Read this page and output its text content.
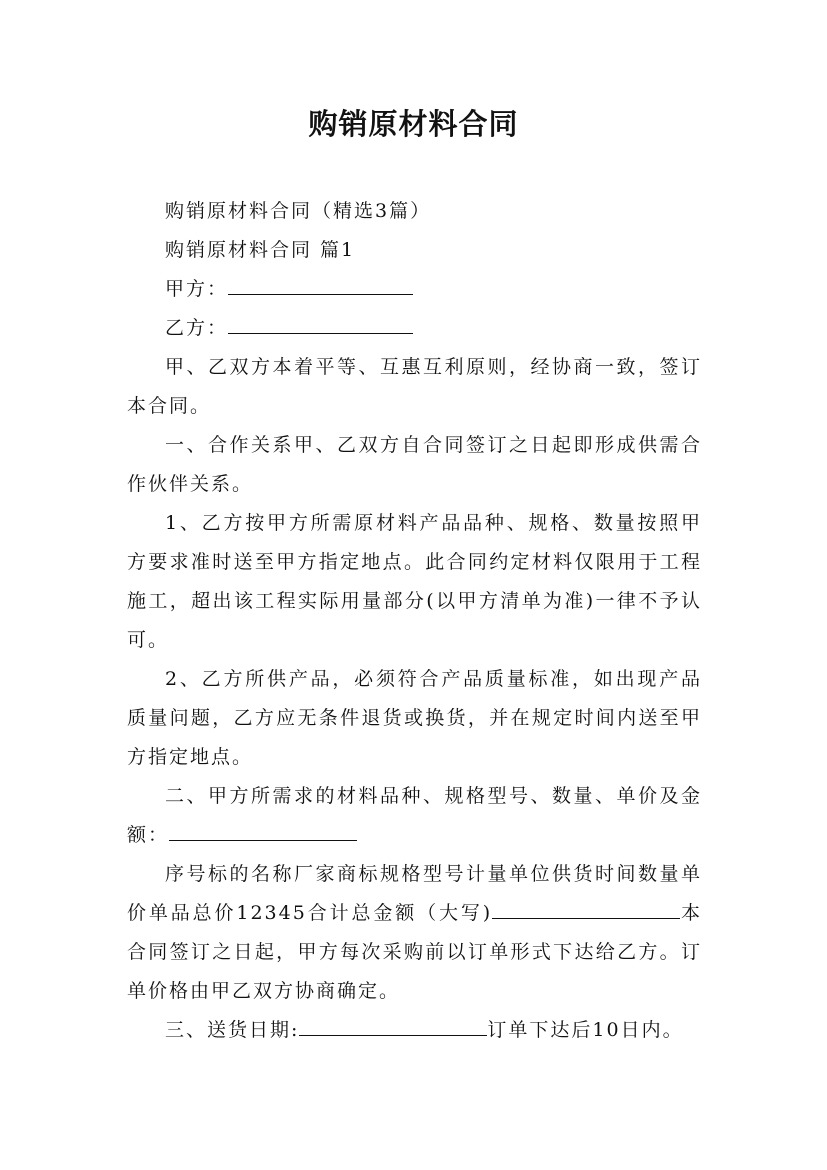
购销原材料合同

购销原材料合同（精选3篇）

购销原材料合同 篇1

甲方：

乙方：

甲、乙双方本着平等、互惠互利原则，经协商一致，签订本合同。

一、合作关系甲、乙双方自合同签订之日起即形成供需合作伙伴关系。

1、乙方按甲方所需原材料产品品种、规格、数量按照甲方要求准时送至甲方指定地点。此合同约定材料仅限用于工程施工，超出该工程实际用量部分(以甲方清单为准)一律不予认可。

2、乙方所供产品，必须符合产品质量标准，如出现产品质量问题，乙方应无条件退货或换货，并在规定时间内送至甲方指定地点。

二、甲方所需求的材料品种、规格型号、数量、单价及金额：

序号标的名称厂家商标规格型号计量单位供货时间数量单价单品总价12345合计总金额（大写)	本合同签订之日起，甲方每次采购前以订单形式下达给乙方。订单价格由甲乙双方协商确定。

三、送货日期:	订单下达后10日内。
